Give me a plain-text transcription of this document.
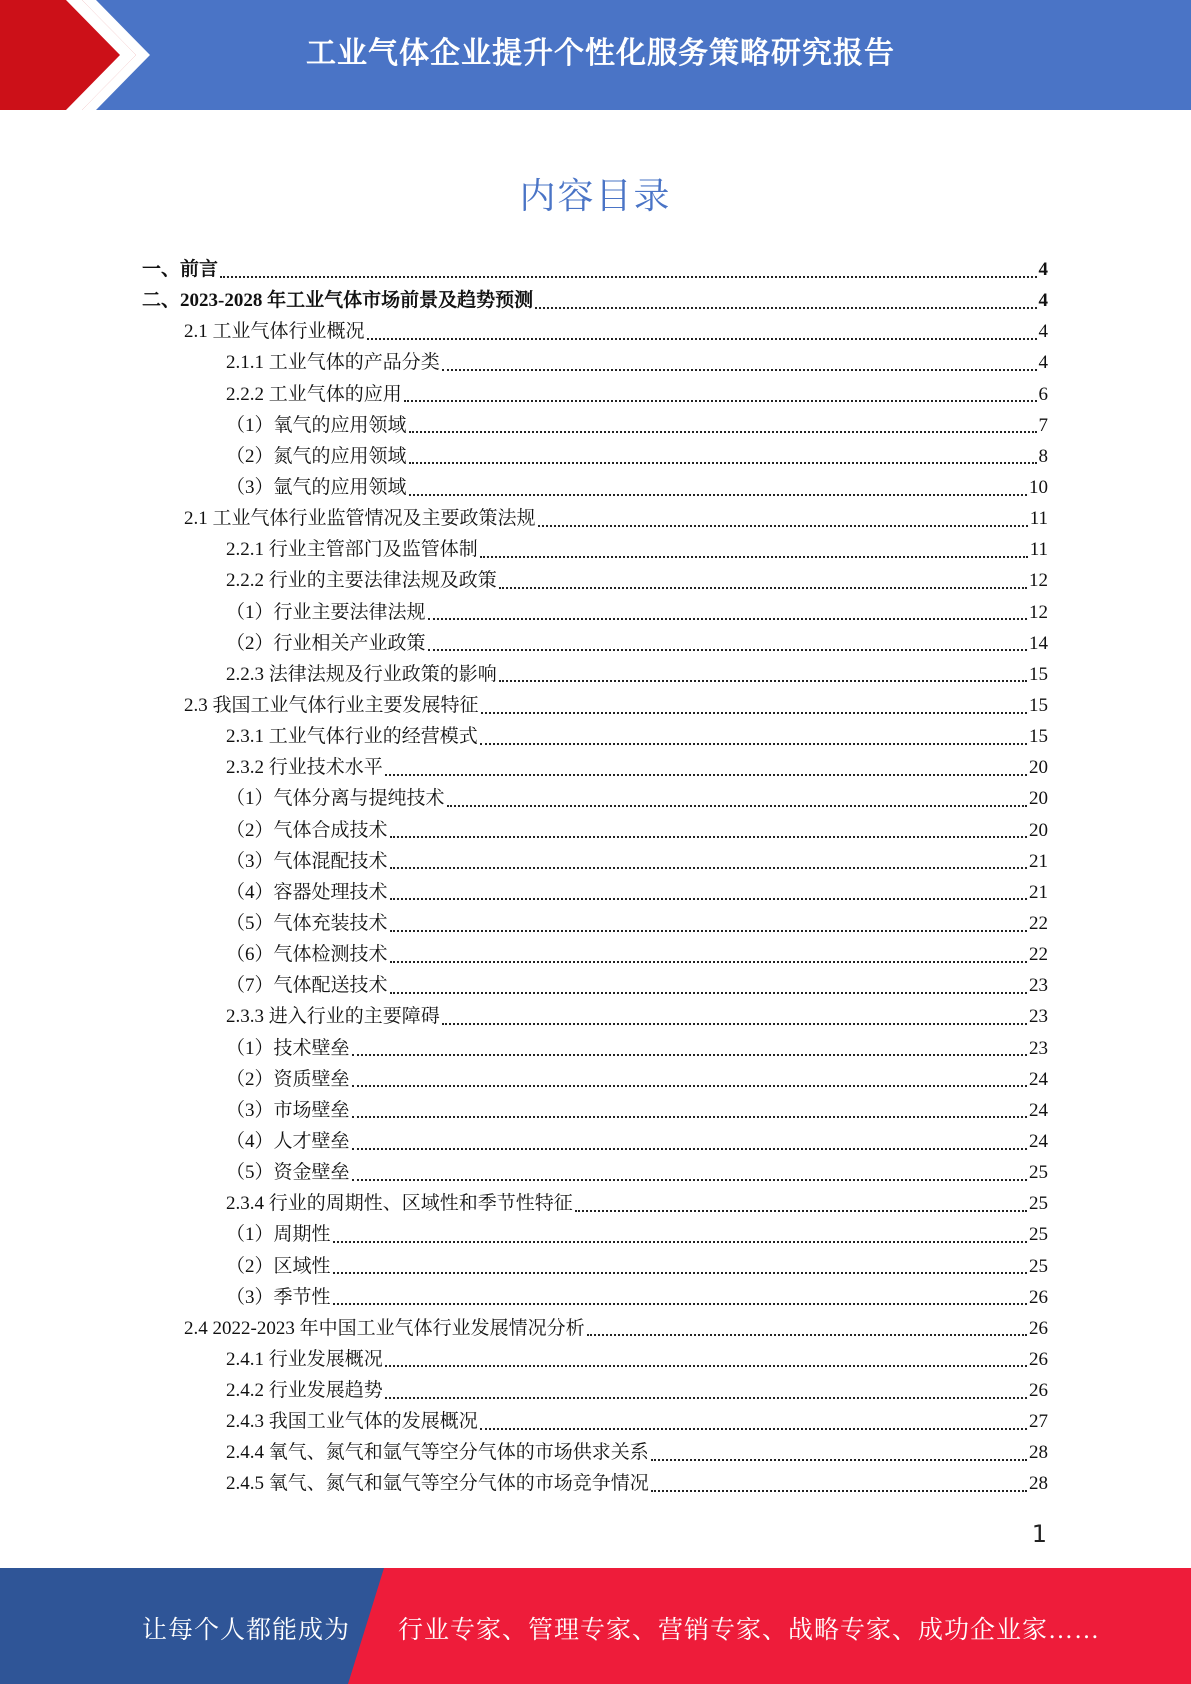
工业气体企业提升个性化服务策略研究报告
内容目录
一、前言	4
二、2023-2028 年工业气体市场前景及趋势预测	4
2.1 工业气体行业概况	4
2.1.1 工业气体的产品分类	4
2.2.2 工业气体的应用	6
（1）氧气的应用领域	7
（2）氮气的应用领域	8
（3）氩气的应用领域	10
2.1 工业气体行业监管情况及主要政策法规	11
2.2.1 行业主管部门及监管体制	11
2.2.2 行业的主要法律法规及政策	12
（1）行业主要法律法规	12
（2）行业相关产业政策	14
2.2.3 法律法规及行业政策的影响	15
2.3 我国工业气体行业主要发展特征	15
2.3.1 工业气体行业的经营模式	15
2.3.2 行业技术水平	20
（1）气体分离与提纯技术	20
（2）气体合成技术	20
（3）气体混配技术	21
（4）容器处理技术	21
（5）气体充装技术	22
（6）气体检测技术	22
（7）气体配送技术	23
2.3.3 进入行业的主要障碍	23
（1）技术壁垒	23
（2）资质壁垒	24
（3）市场壁垒	24
（4）人才壁垒	24
（5）资金壁垒	25
2.3.4 行业的周期性、区域性和季节性特征	25
（1）周期性	25
（2）区域性	25
（3）季节性	26
2.4 2022-2023 年中国工业气体行业发展情况分析	26
2.4.1 行业发展概况	26
2.4.2 行业发展趋势	26
2.4.3 我国工业气体的发展概况	27
2.4.4 氧气、氮气和氩气等空分气体的市场供求关系	28
2.4.5 氧气、氮气和氩气等空分气体的市场竞争情况	28
1
让每个人都能成为 行业专家、管理专家、营销专家、战略专家、成功企业家……
